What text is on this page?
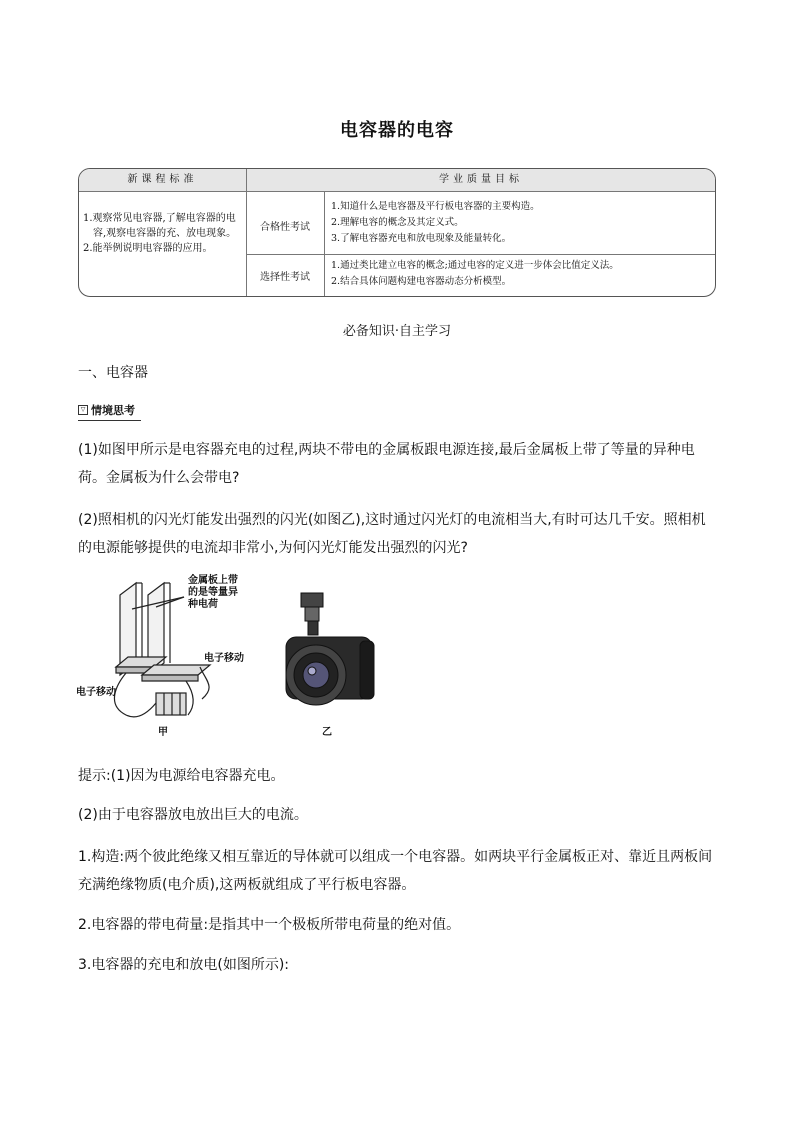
电容器的电容
新课程标准	学业质量目标
1.观察常见电容器,了解电容器的电容,观察电容器的充、放电现象。
2.能举例说明电容器的应用。
合格性考试
1.知道什么是电容器及平行板电容器的主要构造。
2.理解电容的概念及其定义式。
3.了解电容器充电和放电现象及能量转化。
选择性考试
1.通过类比建立电容的概念;通过电容的定义进一步体会比值定义法。
2.结合具体问题构建电容器动态分析模型。
必备知识·自主学习
一、电容器
▽ 情境思考
(1)如图甲所示是电容器充电的过程,两块不带电的金属板跟电源连接,最后金属板上带了等量的异种电荷。金属板为什么会带电?
(2)照相机的闪光灯能发出强烈的闪光(如图乙),这时通过闪光灯的电流相当大,有时可达几千安。照相机的电源能够提供的电流却非常小,为何闪光灯能发出强烈的闪光?
金属板上带
的是等量异
种电荷
电子移动
电子移动
甲	乙
提示:(1)因为电源给电容器充电。
(2)由于电容器放电放出巨大的电流。
1.构造:两个彼此绝缘又相互靠近的导体就可以组成一个电容器。如两块平行金属板正对、靠近且两板间充满绝缘物质(电介质),这两板就组成了平行板电容器。
2.电容器的带电荷量:是指其中一个极板所带电荷量的绝对值。
3.电容器的充电和放电(如图所示):
